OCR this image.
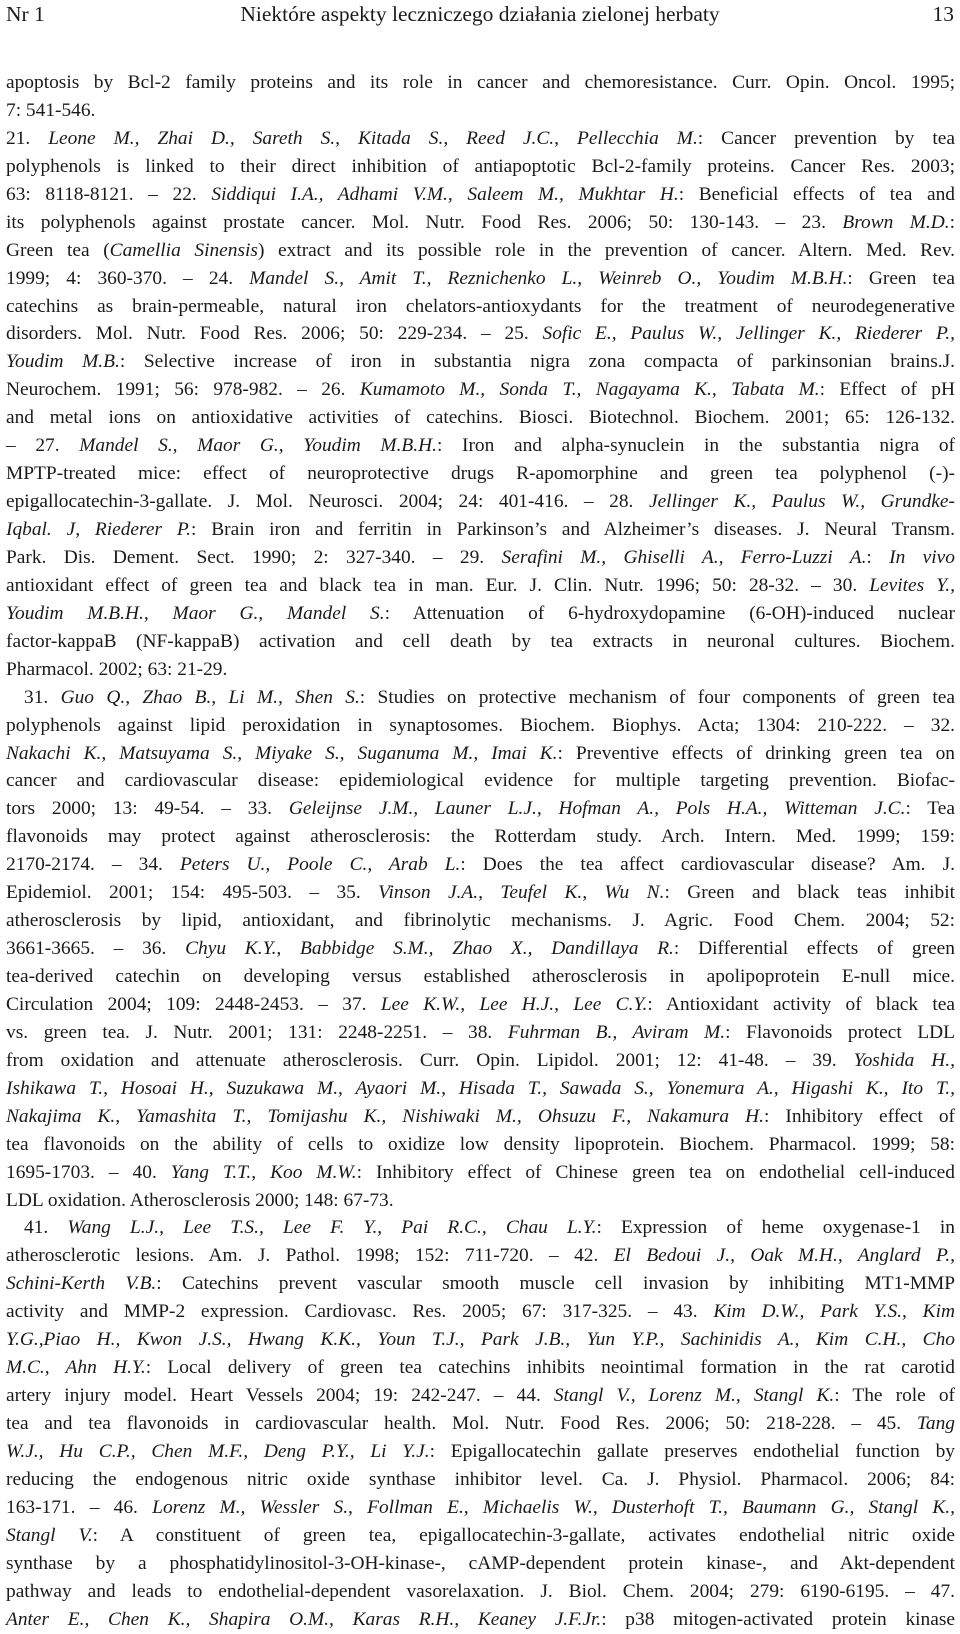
Nr 1	Niektóre aspekty leczniczego działania zielonej herbaty	13
apoptosis by Bcl-2 family proteins and its role in cancer and chemoresistance. Curr. Opin. Oncol. 1995;
7: 541-546.
21. Leone M., Zhai D., Sareth S., Kitada S., Reed J.C., Pellecchia M.: Cancer prevention by tea
polyphenols is linked to their direct inhibition of antiapoptotic Bcl-2-family proteins. Cancer Res. 2003;
63: 8118-8121. – 22. Siddiqui I.A., Adhami V.M., Saleem M., Mukhtar H.: Beneficial effects of tea and
its polyphenols against prostate cancer. Mol. Nutr. Food Res. 2006; 50: 130-143. – 23. Brown M.D.:
Green tea (Camellia Sinensis) extract and its possible role in the prevention of cancer. Altern. Med. Rev.
1999; 4: 360-370. – 24. Mandel S., Amit T., Reznichenko L., Weinreb O., Youdim M.B.H.: Green tea
catechins as brain-permeable, natural iron chelators-antioxydants for the treatment of neurodegenerative
disorders. Mol. Nutr. Food Res. 2006; 50: 229-234. – 25. Sofic E., Paulus W., Jellinger K., Riederer P.,
Youdim M.B.: Selective increase of iron in substantia nigra zona compacta of parkinsonian brains.J.
Neurochem. 1991; 56: 978-982. – 26. Kumamoto M., Sonda T., Nagayama K., Tabata M.: Effect of pH
and metal ions on antioxidative activities of catechins. Biosci. Biotechnol. Biochem. 2001; 65: 126-132.
– 27. Mandel S., Maor G., Youdim M.B.H.: Iron and alpha-synuclein in the substantia nigra of
MPTP-treated mice: effect of neuroprotective drugs R-apomorphine and green tea polyphenol (-)-
epigallocatechin-3-gallate. J. Mol. Neurosci. 2004; 24: 401-416. – 28. Jellinger K., Paulus W., Grundke-
Iqbal. J, Riederer P.: Brain iron and ferritin in Parkinson’s and Alzheimer’s diseases. J. Neural Transm.
Park. Dis. Dement. Sect. 1990; 2: 327-340. – 29. Serafini M., Ghiselli A., Ferro-Luzzi A.: In vivo
antioxidant effect of green tea and black tea in man. Eur. J. Clin. Nutr. 1996; 50: 28-32. – 30. Levites Y.,
Youdim M.B.H., Maor G., Mandel S.: Attenuation of 6-hydroxydopamine (6-OH)-induced nuclear
factor-kappaB (NF-kappaB) activation and cell death by tea extracts in neuronal cultures. Biochem.
Pharmacol. 2002; 63: 21-29.
31. Guo Q., Zhao B., Li M., Shen S.: Studies on protective mechanism of four components of green tea
polyphenols against lipid peroxidation in synaptosomes. Biochem. Biophys. Acta; 1304: 210-222. – 32.
Nakachi K., Matsuyama S., Miyake S., Suganuma M., Imai K.: Preventive effects of drinking green tea on
cancer and cardiovascular disease: epidemiological evidence for multiple targeting prevention. Biofac-
tors 2000; 13: 49-54. – 33. Geleijnse J.M., Launer L.J., Hofman A., Pols H.A., Witteman J.C.: Tea
flavonoids may protect against atherosclerosis: the Rotterdam study. Arch. Intern. Med. 1999; 159:
2170-2174. – 34. Peters U., Poole C., Arab L.: Does the tea affect cardiovascular disease? Am. J.
Epidemiol. 2001; 154: 495-503. – 35. Vinson J.A., Teufel K., Wu N.: Green and black teas inhibit
atherosclerosis by lipid, antioxidant, and fibrinolytic mechanisms. J. Agric. Food Chem. 2004; 52:
3661-3665. – 36. Chyu K.Y., Babbidge S.M., Zhao X., Dandillaya R.: Differential effects of green
tea-derived catechin on developing versus established atherosclerosis in apolipoprotein E-null mice.
Circulation 2004; 109: 2448-2453. – 37. Lee K.W., Lee H.J., Lee C.Y.: Antioxidant activity of black tea
vs. green tea. J. Nutr. 2001; 131: 2248-2251. – 38. Fuhrman B., Aviram M.: Flavonoids protect LDL
from oxidation and attenuate atherosclerosis. Curr. Opin. Lipidol. 2001; 12: 41-48. – 39. Yoshida H.,
Ishikawa T., Hosoai H., Suzukawa M., Ayaori M., Hisada T., Sawada S., Yonemura A., Higashi K., Ito T.,
Nakajima K., Yamashita T., Tomijashu K., Nishiwaki M., Ohsuzu F., Nakamura H.: Inhibitory effect of
tea flavonoids on the ability of cells to oxidize low density lipoprotein. Biochem. Pharmacol. 1999; 58:
1695-1703. – 40. Yang T.T., Koo M.W.: Inhibitory effect of Chinese green tea on endothelial cell-induced
LDL oxidation. Atherosclerosis 2000; 148: 67-73.
41. Wang L.J., Lee T.S., Lee F. Y., Pai R.C., Chau L.Y.: Expression of heme oxygenase-1 in
atherosclerotic lesions. Am. J. Pathol. 1998; 152: 711-720. – 42. El Bedoui J., Oak M.H., Anglard P.,
Schini-Kerth V.B.: Catechins prevent vascular smooth muscle cell invasion by inhibiting MT1-MMP
activity and MMP-2 expression. Cardiovasc. Res. 2005; 67: 317-325. – 43. Kim D.W., Park Y.S., Kim
Y.G.,Piao H., Kwon J.S., Hwang K.K., Youn T.J., Park J.B., Yun Y.P., Sachinidis A., Kim C.H., Cho
M.C., Ahn H.Y.: Local delivery of green tea catechins inhibits neointimal formation in the rat carotid
artery injury model. Heart Vessels 2004; 19: 242-247. – 44. Stangl V., Lorenz M., Stangl K.: The role of
tea and tea flavonoids in cardiovascular health. Mol. Nutr. Food Res. 2006; 50: 218-228. – 45. Tang
W.J., Hu C.P., Chen M.F., Deng P.Y., Li Y.J.: Epigallocatechin gallate preserves endothelial function by
reducing the endogenous nitric oxide synthase inhibitor level. Ca. J. Physiol. Pharmacol. 2006; 84:
163-171. – 46. Lorenz M., Wessler S., Follman E., Michaelis W., Dusterhoft T., Baumann G., Stangl K.,
Stangl V.: A constituent of green tea, epigallocatechin-3-gallate, activates endothelial nitric oxide
synthase by a phosphatidylinositol-3-OH-kinase-, cAMP-dependent protein kinase-, and Akt-dependent
pathway and leads to endothelial-dependent vasorelaxation. J. Biol. Chem. 2004; 279: 6190-6195. – 47.
Anter E., Chen K., Shapira O.M., Karas R.H., Keaney J.F.Jr.: p38 mitogen-activated protein kinase
